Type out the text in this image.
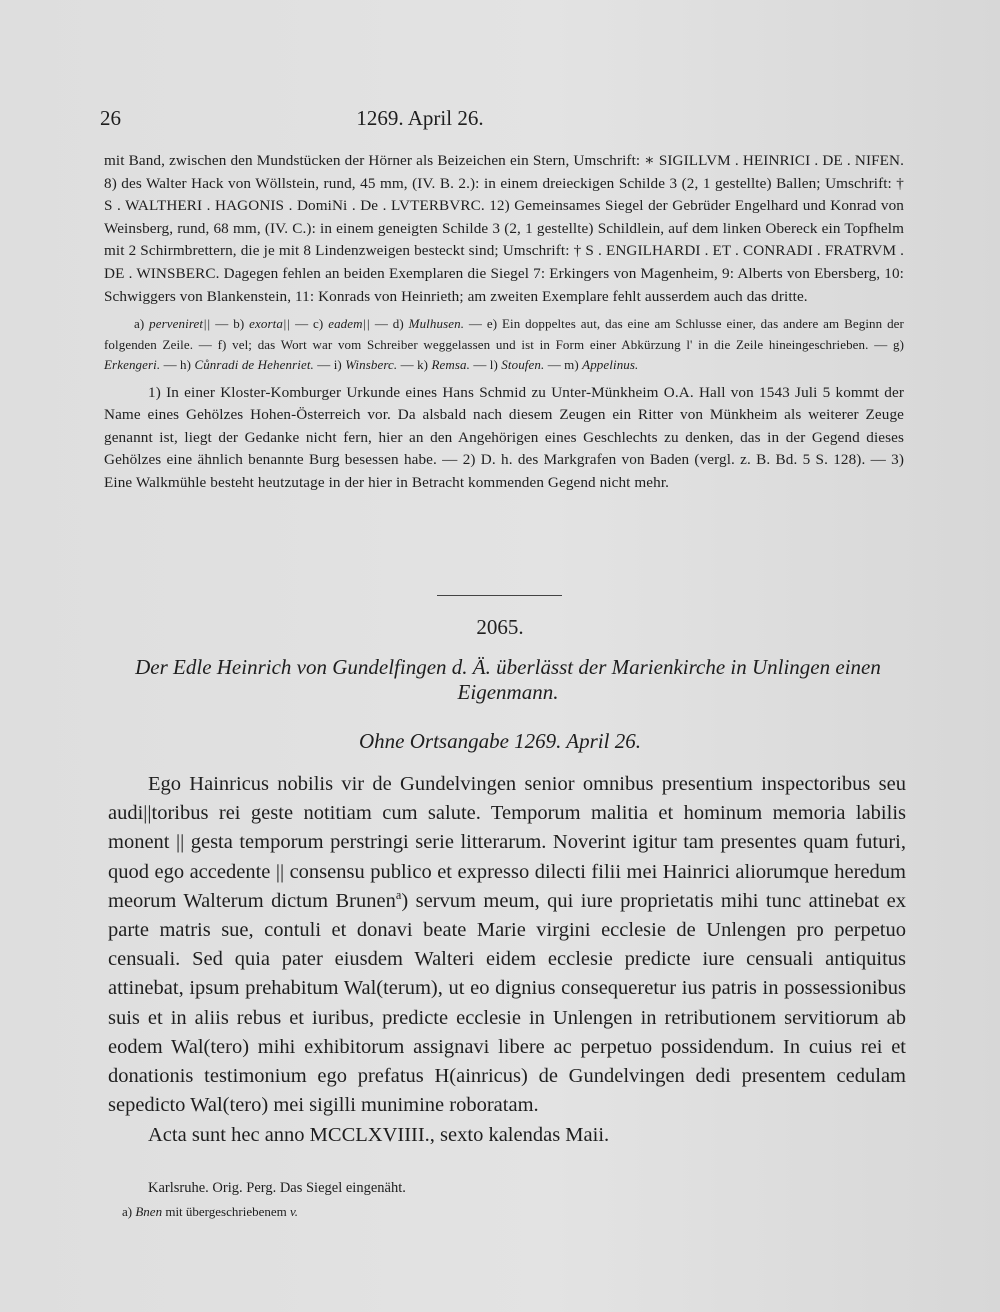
26	1269. April 26.

mit Band, zwischen den Mundstücken der Hörner als Beizeichen ein Stern, Umschrift: ∗ SIGILLVM . HEINRICI . DE . NIFEN. 8) des Walter Hack von Wöllstein, rund, 45 mm, (IV. B. 2.): in einem dreieckigen Schilde 3 (2, 1 gestellte) Ballen; Umschrift: † S . WALTHERI . HAGONIS . DomiNi . De . LVTERBVRC. 12) Gemeinsames Siegel der Gebrüder Engelhard und Konrad von Weinsberg, rund, 68 mm, (IV. C.): in einem geneigten Schilde 3 (2, 1 gestellte) Schildlein, auf dem linken Obereck ein Topfhelm mit 2 Schirmbrettern, die je mit 8 Lindenzweigen besteckt sind; Umschrift: † S . ENGILHARDI . ET . CONRADI . FRATRVM . DE . WINSBERC. Dagegen fehlen an beiden Exemplaren die Siegel 7: Erkingers von Magenheim, 9: Alberts von Ebersberg, 10: Schwiggers von Blankenstein, 11: Konrads von Heinrieth; am zweiten Exemplare fehlt ausserdem auch das dritte.

a) perveniret|| — b) exorta|| — c) eadem|| — d) Mulhusen. — e) Ein doppeltes aut, das eine am Schlusse einer, das andere am Beginn der folgenden Zeile. — f) vel; das Wort war vom Schreiber weggelassen und ist in Form einer Abkürzung l' in die Zeile hineingeschrieben. — g) Erkengeri. — h) Cůnradi de Hehenriet. — i) Winsberc. — k) Remsa. — l) Stoufen. — m) Appelinus.

1) In einer Kloster-Komburger Urkunde eines Hans Schmid zu Unter-Münkheim O.A. Hall von 1543 Juli 5 kommt der Name eines Gehölzes Hohen-Österreich vor. Da alsbald nach diesem Zeugen ein Ritter von Münkheim als weiterer Zeuge genannt ist, liegt der Gedanke nicht fern, hier an den Angehörigen eines Geschlechts zu denken, das in der Gegend dieses Gehölzes eine ähnlich benannte Burg besessen habe. — 2) D. h. des Markgrafen von Baden (vergl. z. B. Bd. 5 S. 128). — 3) Eine Walkmühle besteht heutzutage in der hier in Betracht kommenden Gegend nicht mehr.

2065.
Der Edle Heinrich von Gundelfingen d. Ä. überlässt der Marienkirche in Unlingen einen Eigenmann.
Ohne Ortsangabe 1269. April 26.

Ego Hainricus nobilis vir de Gundelvingen senior omnibus presentium inspectoribus seu audi||toribus rei geste notitiam cum salute. Temporum malitia et hominum memoria labilis monent || gesta temporum perstringi serie litterarum. Noverint igitur tam presentes quam futuri, quod ego accedente || consensu publico et expresso dilecti filii mei Hainrici aliorumque heredum meorum Walterum dictum Brunen$^a$) servum meum, qui iure proprietatis mihi tunc attinebat ex parte matris sue, contuli et donavi beate Marie virgini ecclesie de Unlengen pro perpetuo censuali. Sed quia pater eiusdem Walteri eidem ecclesie predicte iure censuali antiquitus attinebat, ipsum prehabitum Wal(terum), ut eo dignius consequeretur ius patris in possessionibus suis et in aliis rebus et iuribus, predicte ecclesie in Unlengen in retributionem servitiorum ab eodem Wal(tero) mihi exhibitorum assignavi libere ac perpetuo possidendum. In cuius rei et donationis testimonium ego prefatus H(ainricus) de Gundelvingen dedi presentem cedulam sepedicto Wal(tero) mei sigilli munimine roboratam.

Acta sunt hec anno MCCLXVIIII., sexto kalendas Maii.

Karlsruhe. Orig. Perg. Das Siegel eingenäht.
a) Bnen mit übergeschriebenem v.
